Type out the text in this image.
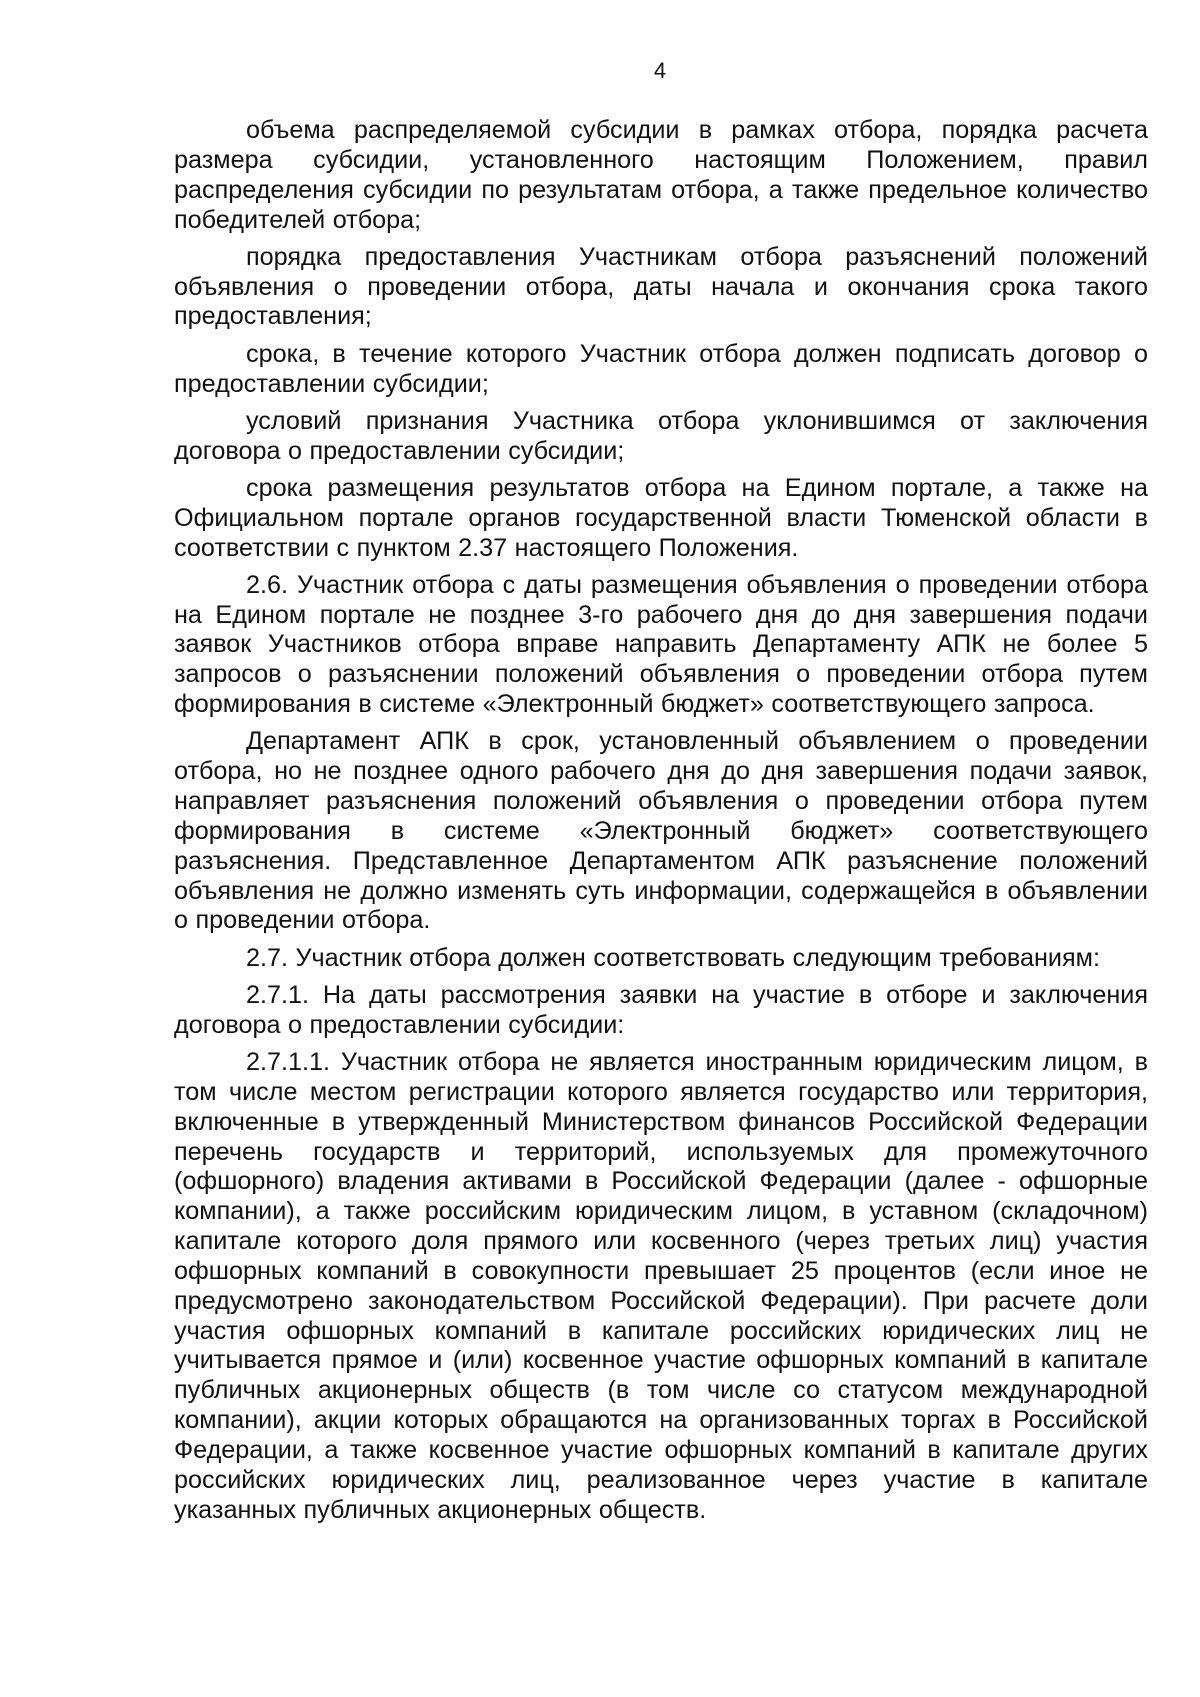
4

объема распределяемой субсидии в рамках отбора, порядка расчета размера субсидии, установленного настоящим Положением, правил распределения субсидии по результатам отбора, а также предельное количество победителей отбора;

порядка предоставления Участникам отбора разъяснений положений объявления о проведении отбора, даты начала и окончания срока такого предоставления;

срока, в течение которого Участник отбора должен подписать договор о предоставлении субсидии;

условий признания Участника отбора уклонившимся от заключения договора о предоставлении субсидии;

срока размещения результатов отбора на Едином портале, а также на Официальном портале органов государственной власти Тюменской области в соответствии с пунктом 2.37 настоящего Положения.

2.6. Участник отбора с даты размещения объявления о проведении отбора на Едином портале не позднее 3-го рабочего дня до дня завершения подачи заявок Участников отбора вправе направить Департаменту АПК не более 5 запросов о разъяснении положений объявления о проведении отбора путем формирования в системе «Электронный бюджет» соответствующего запроса.

Департамент АПК в срок, установленный объявлением о проведении отбора, но не позднее одного рабочего дня до дня завершения подачи заявок, направляет разъяснения положений объявления о проведении отбора путем формирования в системе «Электронный бюджет» соответствующего разъяснения. Представленное Департаментом АПК разъяснение положений объявления не должно изменять суть информации, содержащейся в объявлении о проведении отбора.

2.7. Участник отбора должен соответствовать следующим требованиям:

2.7.1. На даты рассмотрения заявки на участие в отборе и заключения договора о предоставлении субсидии:

2.7.1.1. Участник отбора не является иностранным юридическим лицом, в том числе местом регистрации которого является государство или территория, включенные в утвержденный Министерством финансов Российской Федерации перечень государств и территорий, используемых для промежуточного (офшорного) владения активами в Российской Федерации (далее - офшорные компании), а также российским юридическим лицом, в уставном (складочном) капитале которого доля прямого или косвенного (через третьих лиц) участия офшорных компаний в совокупности превышает 25 процентов (если иное не предусмотрено законодательством Российской Федерации). При расчете доли участия офшорных компаний в капитале российских юридических лиц не учитывается прямое и (или) косвенное участие офшорных компаний в капитале публичных акционерных обществ (в том числе со статусом международной компании), акции которых обращаются на организованных торгах в Российской Федерации, а также косвенное участие офшорных компаний в капитале других российских юридических лиц, реализованное через участие в капитале указанных публичных акционерных обществ.
